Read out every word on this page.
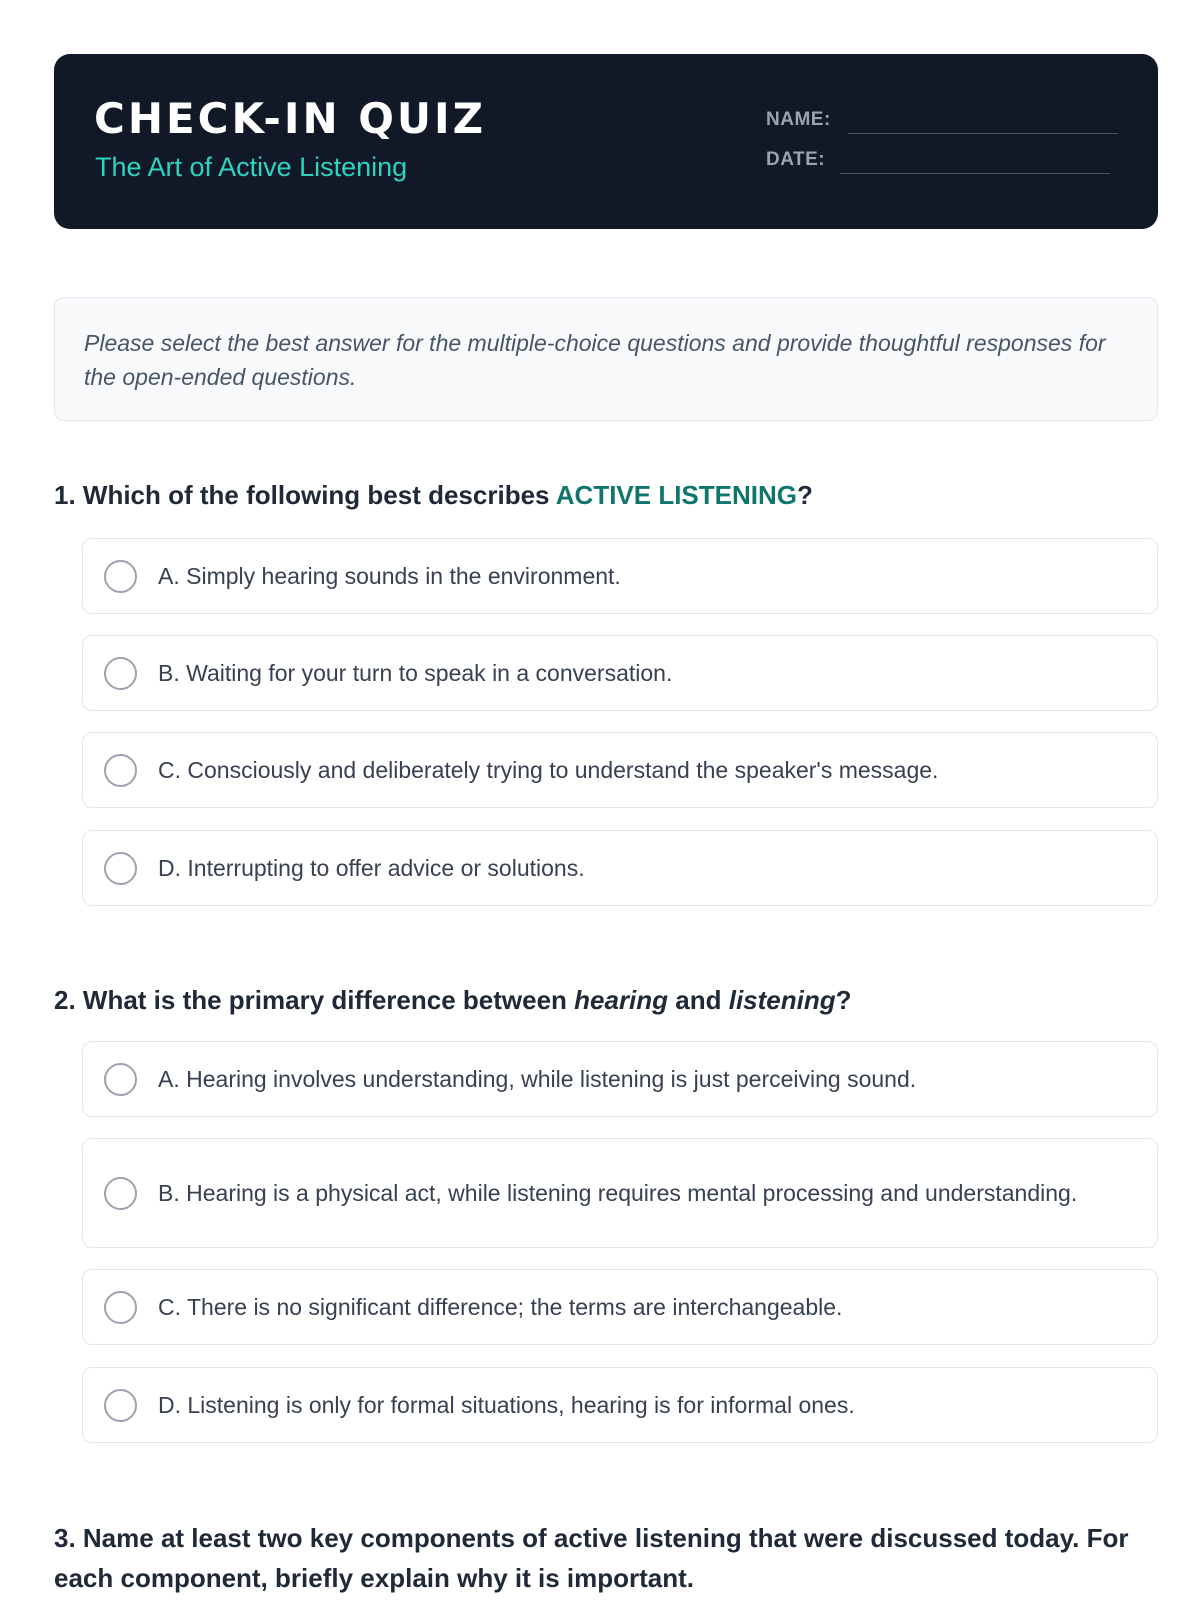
CHECK-IN QUIZ
The Art of Active Listening
NAME:
DATE:
Please select the best answer for the multiple-choice questions and provide thoughtful responses for the open-ended questions.
1. Which of the following best describes ACTIVE LISTENING?
A. Simply hearing sounds in the environment.
B. Waiting for your turn to speak in a conversation.
C. Consciously and deliberately trying to understand the speaker's message.
D. Interrupting to offer advice or solutions.
2. What is the primary difference between hearing and listening?
A. Hearing involves understanding, while listening is just perceiving sound.
B. Hearing is a physical act, while listening requires mental processing and understanding.
C. There is no significant difference; the terms are interchangeable.
D. Listening is only for formal situations, hearing is for informal ones.
3. Name at least two key components of active listening that were discussed today. For each component, briefly explain why it is important.
